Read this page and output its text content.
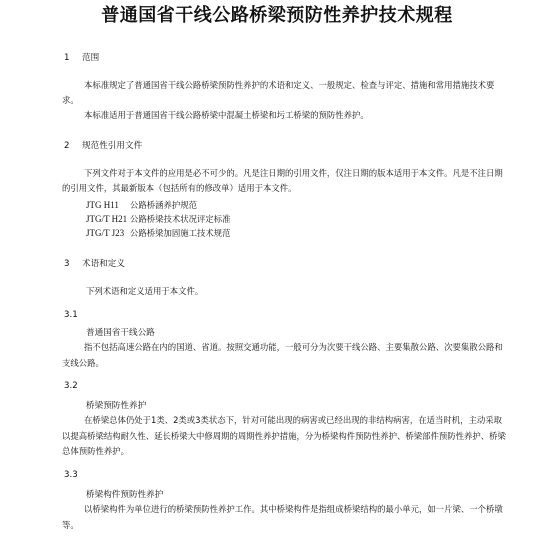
普通国省干线公路桥梁预防性养护技术规程
1 范围

本标准规定了普通国省干线公路桥梁预防性养护的术语和定义、一般规定、检查与评定、措施和常用措施技术要求。

本标准适用于普通国省干线公路桥梁中混凝土桥梁和圬工桥梁的预防性养护。

2 规范性引用文件

下列文件对于本文件的应用是必不可少的。凡是注日期的引用文件，仅注日期的版本适用于本文件。凡是不注日期的引用文件，其最新版本（包括所有的修改单）适用于本文件。

JTG H11 公路桥涵养护规范
JTG/T H21 公路桥梁技术状况评定标准
JTG/T J23 公路桥梁加固施工技术规范
3 术语和定义
下列术语和定义适用于本文件。
3.1
普通国省干线公路

指不包括高速公路在内的国道、省道。按照交通功能，一般可分为次要干线公路、主要集散公路、次要集散公路和支线公路。

3.2
桥梁预防性养护

在桥梁总体仍处于1类、2类或3类状态下，针对可能出现的病害或已经出现的非结构病害，在适当时机，主动采取以提高桥梁结构耐久性、延长桥梁大中修周期的周期性养护措施，分为桥梁构件预防性养护、桥梁部件预防性养护、桥梁总体预防性养护。

3.3
桥梁构件预防性养护

以桥梁构件为单位进行的桥梁预防性养护工作。其中桥梁构件是指组成桥梁结构的最小单元，如一片梁、一个桥墩等。
